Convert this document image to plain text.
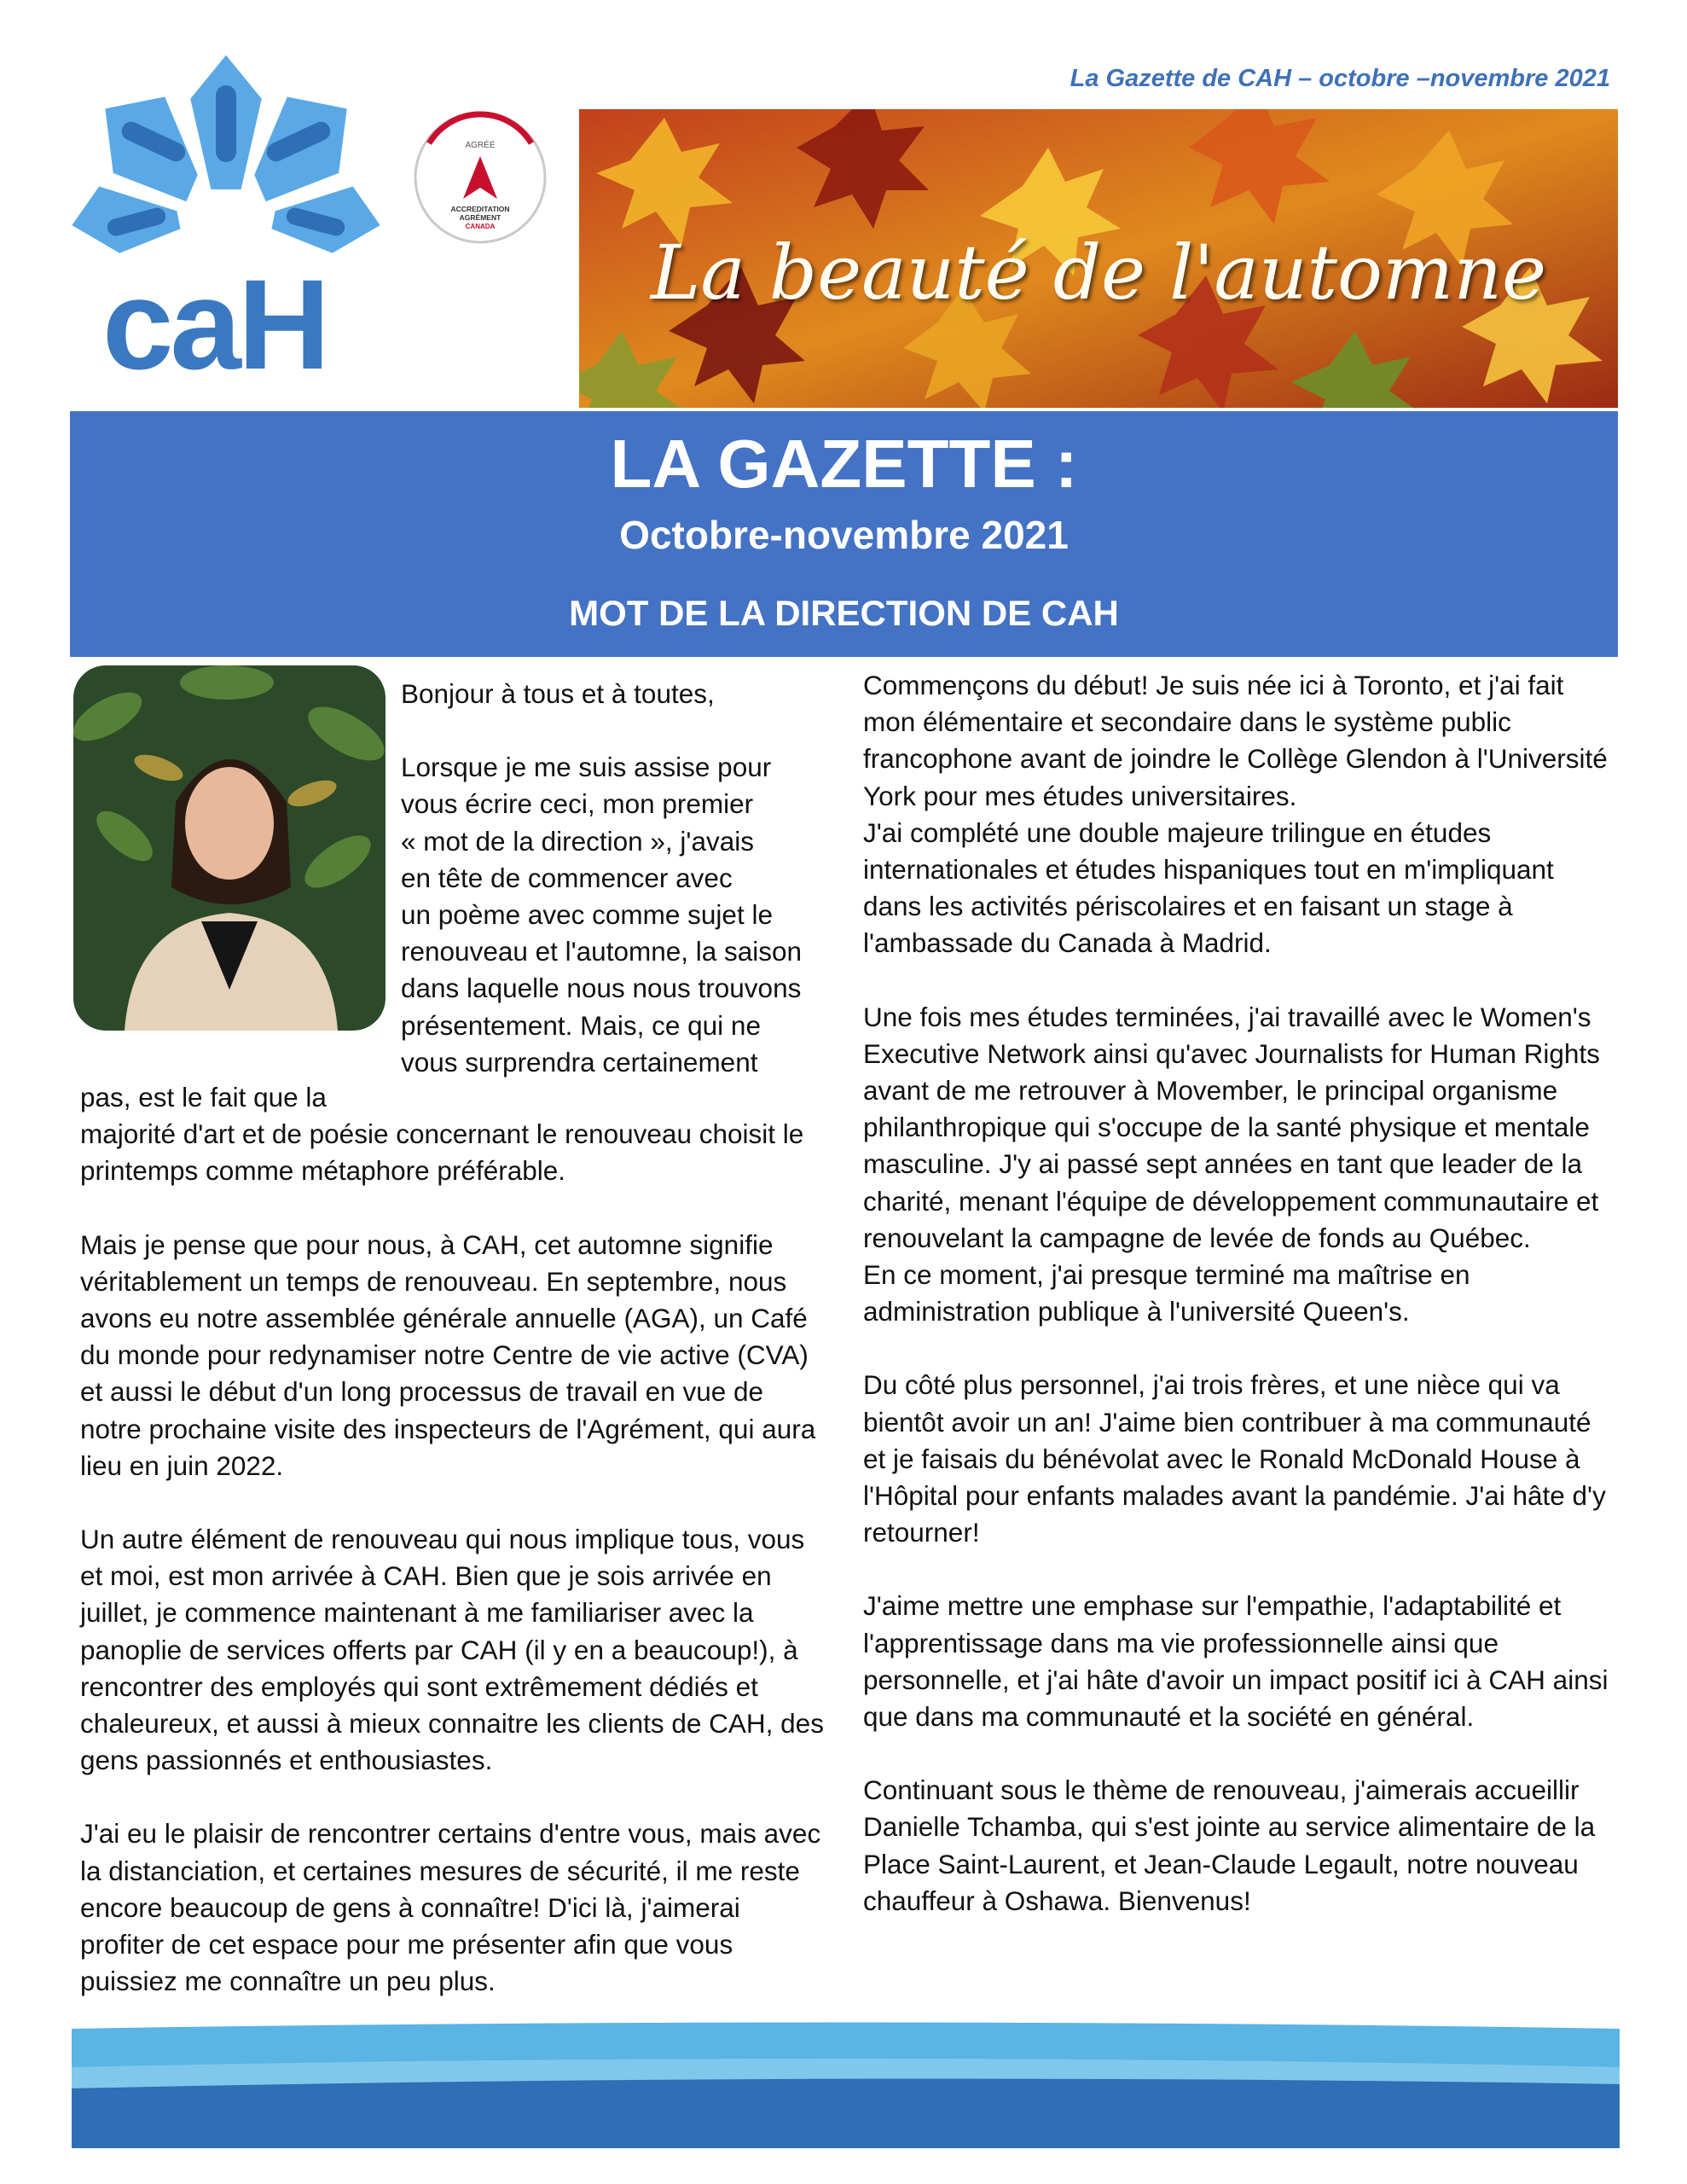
La Gazette de CAH – octobre –novembre 2021
caH
AGRÉÉ
ACCREDITATION
AGRÉMENT
CANADA
La beauté de l'automne
LA GAZETTE :
Octobre-novembre 2021
MOT DE LA DIRECTION DE CAH

Bonjour à tous et à toutes,

Lorsque je me suis assise pour
vous écrire ceci, mon premier
« mot de la direction », j'avais
en tête de commencer avec
un poème avec comme sujet le
renouveau et l'automne, la saison
dans laquelle nous nous trouvons
présentement. Mais, ce qui ne
vous surprendra certainement
pas, est le fait que la

majorité d'art et de poésie concernant le renouveau choisit le printemps comme métaphore préférable.

Mais je pense que pour nous, à CAH, cet automne signifie véritablement un temps de renouveau. En septembre, nous avons eu notre assemblée générale annuelle (AGA), un Café du monde pour redynamiser notre Centre de vie active (CVA) et aussi le début d'un long processus de travail en vue de notre prochaine visite des inspecteurs de l'Agrément, qui aura lieu en juin 2022.

Un autre élément de renouveau qui nous implique tous, vous et moi, est mon arrivée à CAH. Bien que je sois arrivée en juillet, je commence maintenant à me familiariser avec la panoplie de services offerts par CAH (il y en a beaucoup!), à rencontrer des employés qui sont extrêmement dédiés et chaleureux, et aussi à mieux connaitre les clients de CAH, des gens passionnés et enthousiastes.

J'ai eu le plaisir de rencontrer certains d'entre vous, mais avec la distanciation, et certaines mesures de sécurité, il me reste encore beaucoup de gens à connaître! D'ici là, j'aimerai profiter de cet espace pour me présenter afin que vous puissiez me connaître un peu plus.

Commençons du début! Je suis née ici à Toronto, et j'ai fait mon élémentaire et secondaire dans le système public francophone avant de joindre le Collège Glendon à l'Université York pour mes études universitaires.

J'ai complété une double majeure trilingue en études internationales et études hispaniques tout en m'impliquant dans les activités périscolaires et en faisant un stage à l'ambassade du Canada à Madrid.

Une fois mes études terminées, j'ai travaillé avec le Women's Executive Network ainsi qu'avec Journalists for Human Rights avant de me retrouver à Movember, le principal organisme philanthropique qui s'occupe de la santé physique et mentale masculine. J'y ai passé sept années en tant que leader de la charité, menant l'équipe de développement communautaire et renouvelant la campagne de levée de fonds au Québec.

En ce moment, j'ai presque terminé ma maîtrise en administration publique à l'université Queen's.

Du côté plus personnel, j'ai trois frères, et une nièce qui va bientôt avoir un an! J'aime bien contribuer à ma communauté et je faisais du bénévolat avec le Ronald McDonald House à l'Hôpital pour enfants malades avant la pandémie. J'ai hâte d'y retourner!

J'aime mettre une emphase sur l'empathie, l'adaptabilité et l'apprentissage dans ma vie professionnelle ainsi que personnelle, et j'ai hâte d'avoir un impact positif ici à CAH ainsi que dans ma communauté et la société en général.

Continuant sous le thème de renouveau, j'aimerais accueillir Danielle Tchamba, qui s'est jointe au service alimentaire de la Place Saint-Laurent, et Jean-Claude Legault, notre nouveau chauffeur à Oshawa. Bienvenus!
